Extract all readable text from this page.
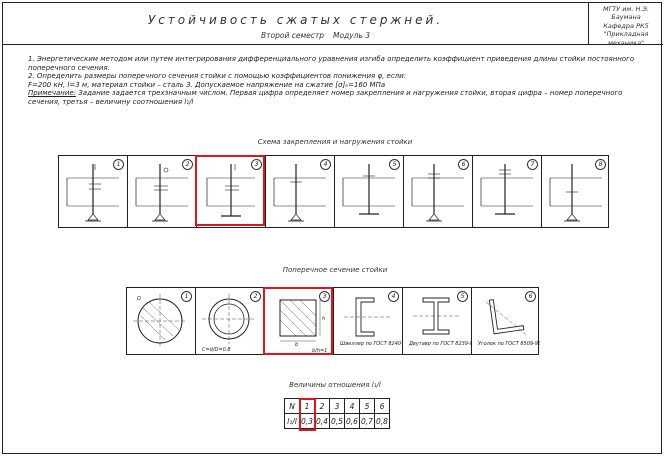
Устойчивость сжатых стержней.
Второй семестр Модуль 3
МГТУ им. Н.Э. Баумана
Кафедра РК5
"Прикладная механика"

1. Энергетическим методом или путем интегрирования дифференциального уравнения изгиба определить коэффициент приведения длины стойки постоянного поперечного сечения.

2. Определить размеры поперечного сечения стойки с помощью коэффициентов понижения φ, если:

F=200 кН, l=3 м, материал стойки – сталь 3. Допускаемое напряжение на сжатие [σ]ₒ=160 МПа

Примечание: Задание задается трехзначным числом. Первая цифра определяет номер закрепления и нагружения стойки, вторая цифра – номер поперечного сечения, третья – величину соотношения l₁/l

Схема закрепления и нагружения стойки
1	2	3	4	5	6	7	8
Поперечное сечение стойки
D	1
C=d/D=0.8
2
h
b
b/h=1
3
Швеллер по ГОСТ 8240-97
4
Двутавр по ГОСТ 8239-89
5
Уголок по ГОСТ 8509-93
6
Величины отношения l₁/l
N	1	2	3	4	5	6
l₁/l	0,3	0,4	0,5	0,6	0,7	0,8
